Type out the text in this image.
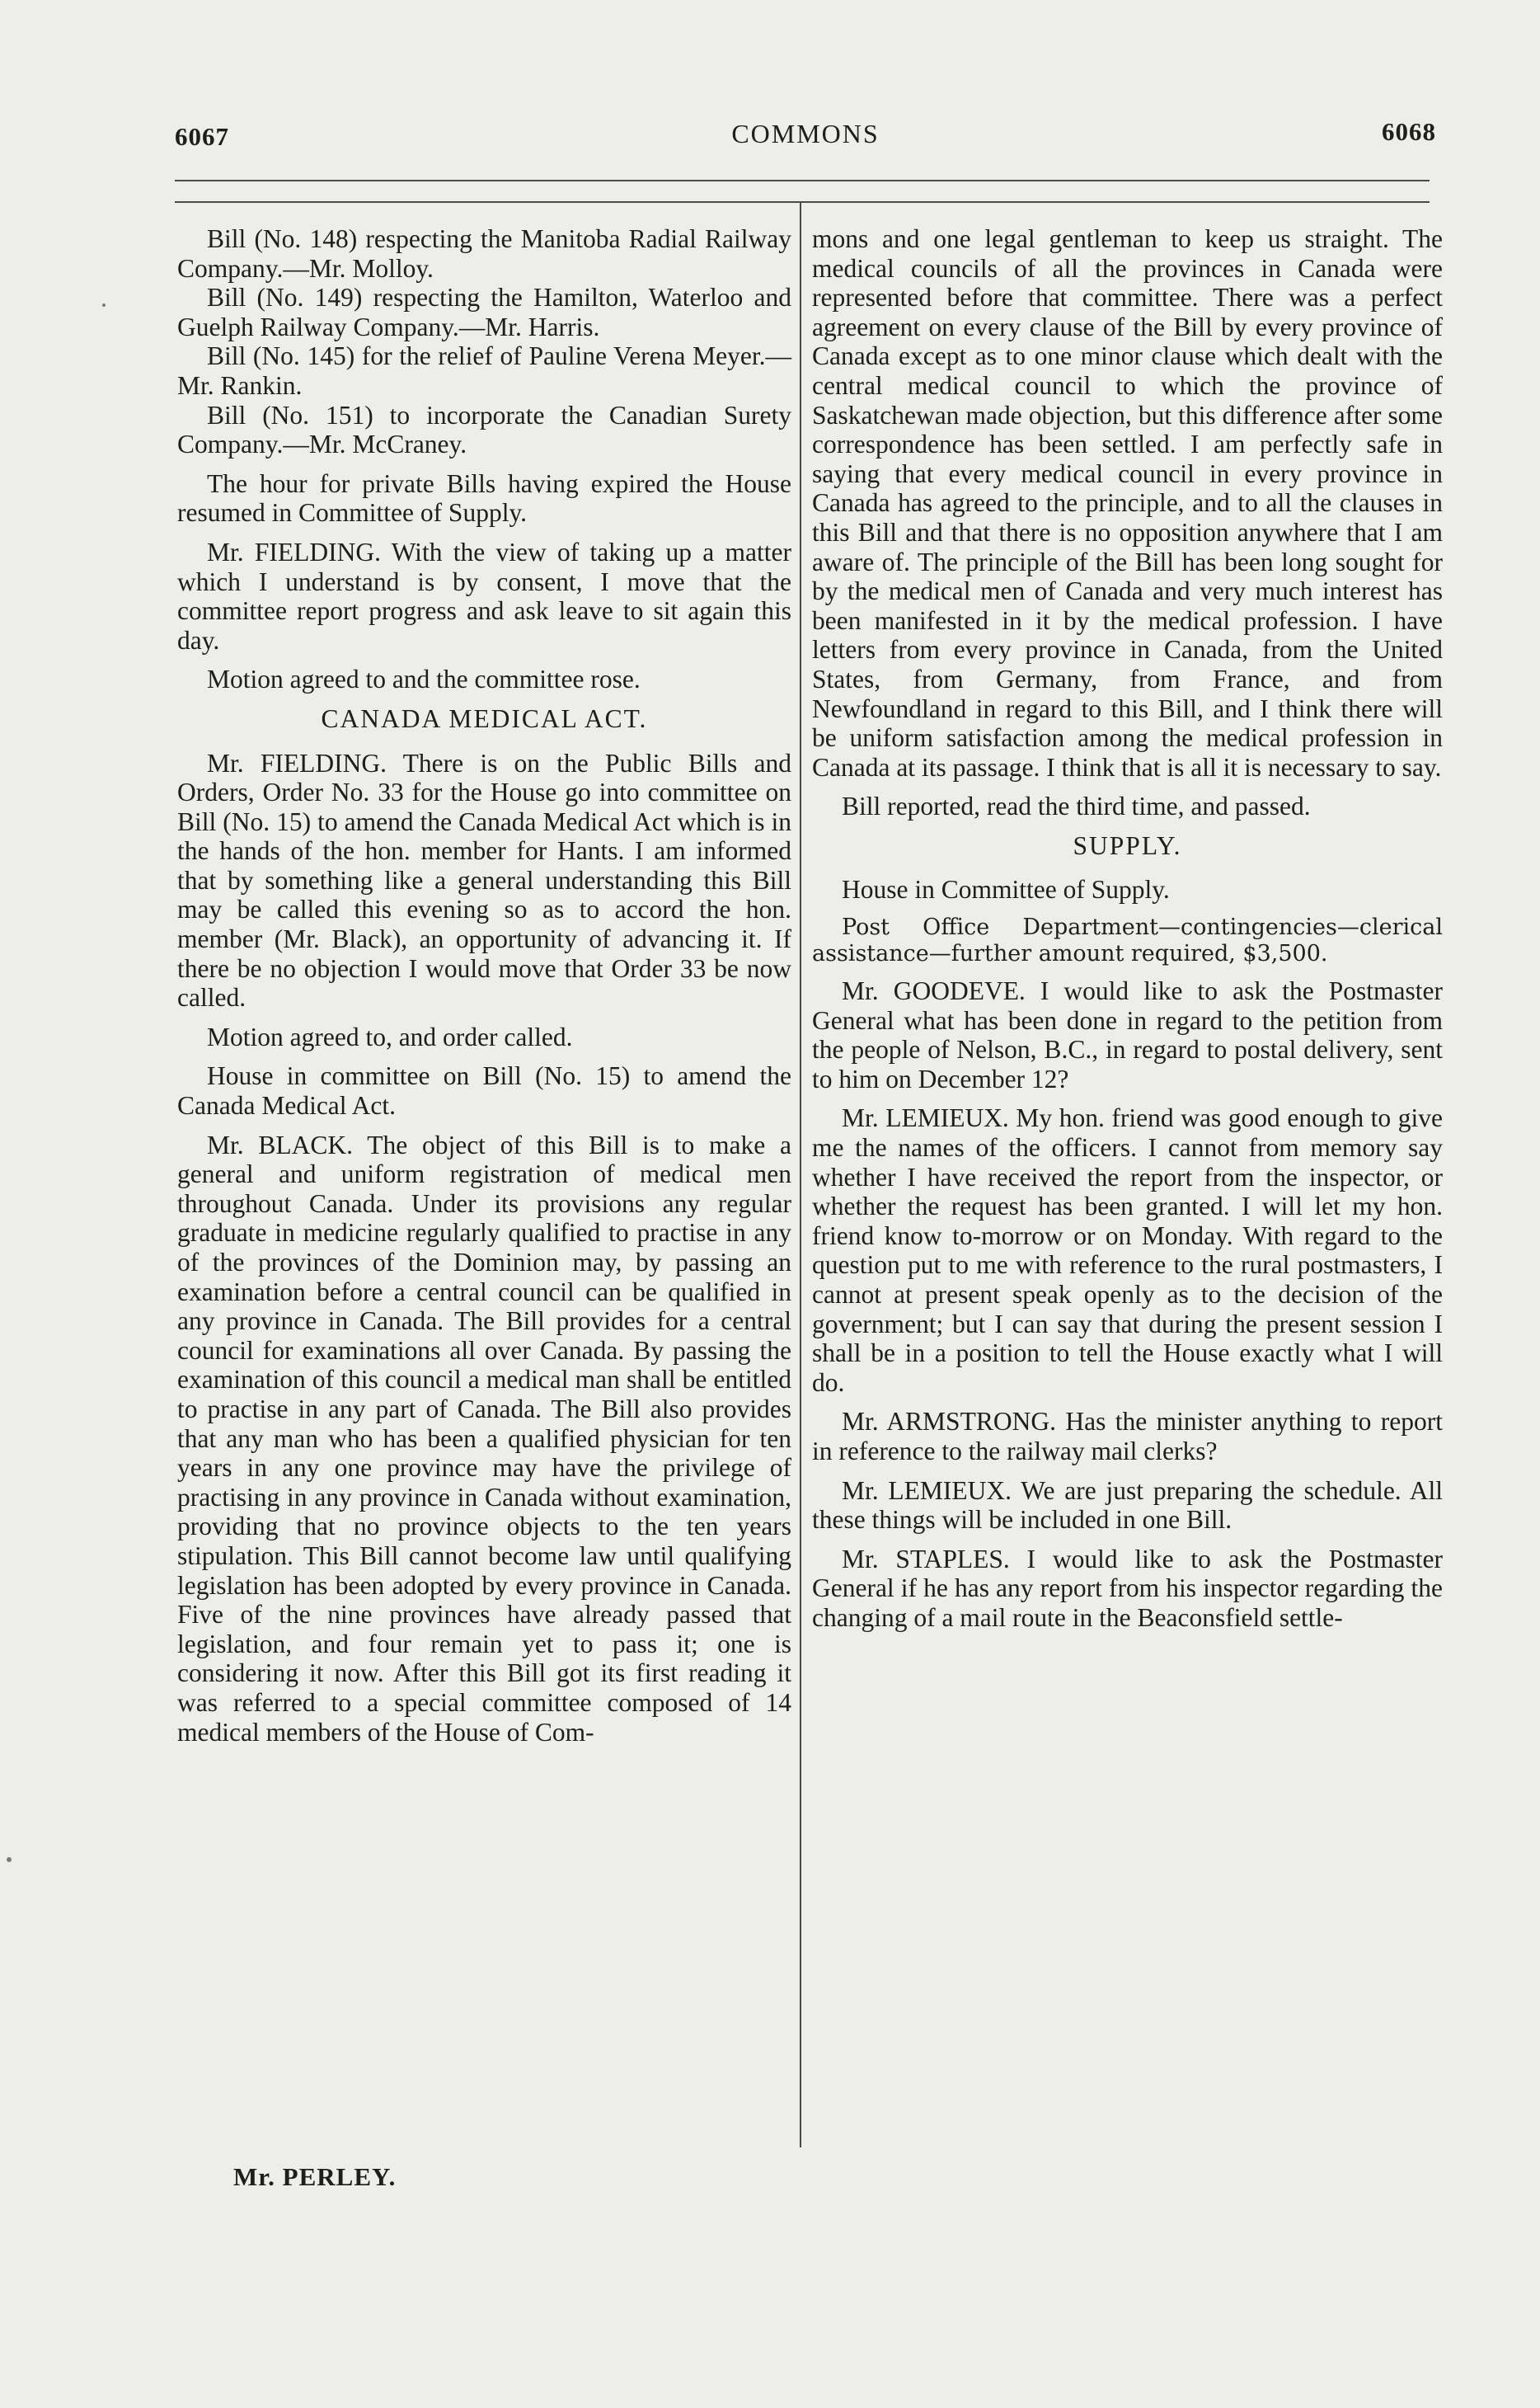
6067	COMMONS	6068

Bill (No. 148) respecting the Manitoba Radial Railway Company.—Mr. Molloy.

Bill (No. 149) respecting the Hamilton, Waterloo and Guelph Railway Company.—Mr. Harris.

Bill (No. 145) for the relief of Pauline Verena Meyer.—Mr. Rankin.

Bill (No. 151) to incorporate the Canadian Surety Company.—Mr. McCraney.

The hour for private Bills having expired the House resumed in Committee of Supply.

Mr. FIELDING. With the view of taking up a matter which I understand is by consent, I move that the committee report progress and ask leave to sit again this day.

Motion agreed to and the committee rose.

CANADA MEDICAL ACT.

Mr. FIELDING. There is on the Public Bills and Orders, Order No. 33 for the House go into committee on Bill (No. 15) to amend the Canada Medical Act which is in the hands of the hon. member for Hants. I am informed that by something like a general understanding this Bill may be called this evening so as to accord the hon. member (Mr. Black), an opportunity of advancing it. If there be no objection I would move that Order 33 be now called.

Motion agreed to, and order called.

House in committee on Bill (No. 15) to amend the Canada Medical Act.

Mr. BLACK. The object of this Bill is to make a general and uniform registration of medical men throughout Canada. Under its provisions any regular graduate in medicine regularly qualified to practise in any of the provinces of the Dominion may, by passing an examination before a central council can be qualified in any province in Canada. The Bill provides for a central council for examinations all over Canada. By passing the examination of this council a medical man shall be entitled to practise in any part of Canada. The Bill also provides that any man who has been a qualified physician for ten years in any one province may have the privilege of practising in any province in Canada without examination, providing that no province objects to the ten years stipulation. This Bill cannot become law until qualifying legislation has been adopted by every province in Canada. Five of the nine provinces have already passed that legislation, and four remain yet to pass it; one is considering it now. After this Bill got its first reading it was referred to a special committee composed of 14 medical members of the House of Com-

mons and one legal gentleman to keep us straight. The medical councils of all the provinces in Canada were represented before that committee. There was a perfect agreement on every clause of the Bill by every province of Canada except as to one minor clause which dealt with the central medical council to which the province of Saskatchewan made objection, but this difference after some correspondence has been settled. I am perfectly safe in saying that every medical council in every province in Canada has agreed to the principle, and to all the clauses in this Bill and that there is no opposition anywhere that I am aware of. The principle of the Bill has been long sought for by the medical men of Canada and very much interest has been manifested in it by the medical profession. I have letters from every province in Canada, from the United States, from Germany, from France, and from Newfoundland in regard to this Bill, and I think there will be uniform satisfaction among the medical profession in Canada at its passage. I think that is all it is necessary to say.

Bill reported, read the third time, and passed.

SUPPLY.

House in Committee of Supply.

Post Office Department—contingencies—clerical assistance—further amount required, $3,500.

Mr. GOODEVE. I would like to ask the Postmaster General what has been done in regard to the petition from the people of Nelson, B.C., in regard to postal delivery, sent to him on December 12?

Mr. LEMIEUX. My hon. friend was good enough to give me the names of the officers. I cannot from memory say whether I have received the report from the inspector, or whether the request has been granted. I will let my hon. friend know to-morrow or on Monday. With regard to the question put to me with reference to the rural postmasters, I cannot at present speak openly as to the decision of the government; but I can say that during the present session I shall be in a position to tell the House exactly what I will do.

Mr. ARMSTRONG. Has the minister anything to report in reference to the railway mail clerks?

Mr. LEMIEUX. We are just preparing the schedule. All these things will be included in one Bill.

Mr. STAPLES. I would like to ask the Postmaster General if he has any report from his inspector regarding the changing of a mail route in the Beaconsfield settle-

Mr. PERLEY.
